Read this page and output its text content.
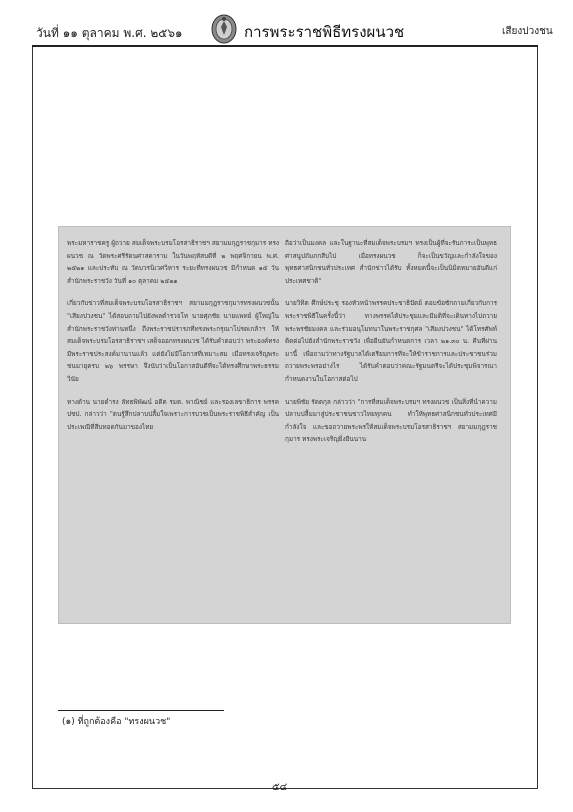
วันที่ ๑๑ ตุลาคม พ.ศ. ๒๕๖๑	การพระราชพิธีทรงผนวช	เสียงปวงชน

พระมหาราชครู ผู้ถวาย สมเด็จพระบรมโอรสาธิราชฯ สยามมกุฎราชกุมาร ทรงผนวช ณ วัดพระศรีรัตนศาสดาราม ในวันพฤหัสบดีที่ ๒ พฤศจิกายน พ.ศ. ๒๕๒๑ และประทับ ณ วัดบวรนิเวศวิหาร ระยะที่ทรงผนวช มีกำหนด ๑๕ วัน สำนักพระราชวัง วันที่ ๑๐ ตุลาคม ๒๕๒๑

เกี่ยวกับข่าวที่สมเด็จพระบรมโอรสาธิราชฯ สยามมกุฎราชกุมารทรงผนวชนั้น "เสียงปวงชน" ได้สอบถามไปยังพลตำรวจโท นายศุภชัย นายแพทย์ ผู้ใหญ่ในสำนักพระราชวังท่านหนึ่ง ถึงพระราชปรารภที่ทรงพระกรุณาโปรดเกล้าฯ ให้สมเด็จพระบรมโอรสาธิราชฯ เสด็จออกทรงผนวช ได้รับคำตอบว่า พระองค์ทรงมีพระราชประสงค์มานานแล้ว แต่ยังไม่มีโอกาสที่เหมาะสม เมื่อทรงเจริญพระชนมายุครบ ๒๖ พรรษา จึงนับว่าเป็นโอกาสอันดีที่จะได้ทรงศึกษาพระธรรมวินัย

ทางด้าน นายดำรง ลัทธพิพัฒน์ อดีต รมต. พาณิชย์ และรองเลขาธิการ พรรค ปชป. กล่าวว่า "ตนรู้สึกปลาบปลื้มใจเพราะการบวชเป็นพระราชพิธีสำคัญ เป็นประเพณีที่สืบทอดกันมาของไทย

ถือว่าเป็นมงคล และในฐานะที่สมเด็จพระบรมฯ ทรงเป็นผู้ที่จะรับภาระเป็นพุทธศาสนูปถัมภกสืบไป เมื่อทรงผนวช ก็จะเป็นขวัญและกำลังใจของพุทธศาสนิกชนทั่วประเทศ สำนักข่าวได้รับ ทั้งหมดนี้จะเป็นนิมิตหมายอันดีแก่ประเทศชาติ"

นายวิทิต ศึกษ์ประชุ รองหัวหน้าพรรคประชาธิปัตย์ ตอบข้อซักถามเกี่ยวกับการพระราชพิธีในครั้งนี้ว่า ทางพรรคได้ประชุมและมีมติที่จะเดินทางไปถวายพระพรชัยมงคล และร่วมอนุโมทนาในพระราชกุศล "เสียงปวงชน" ได้โทรศัพท์ติดต่อไปยังสำนักพระราชวัง เพื่อยืนยันกำหนดการ เวลา ๒๑.๓๐ น. คืนที่ผ่านมานี้ เพื่อถามว่าทางรัฐบาลได้เตรียมการที่จะให้ข้าราชการและประชาชนร่วมถวายพระพรอย่างไร ได้รับคำตอบว่าคณะรัฐมนตรีจะได้ประชุมพิจารณากำหนดงานในโอกาสต่อไป

นายพิชัย รัตตกุล กล่าวว่า "การที่สมเด็จพระบรมฯ ทรงผนวช เป็นสิ่งที่นำความปลาบปลื้มมาสู่ประชาชนชาวไทยทุกคน ทำให้พุทธศาสนิกชนทั่วประเทศมีกำลังใจ และขอถวายพระพรให้สมเด็จพระบรมโอรสาธิราชฯ สยามมกุฎราชกุมาร ทรงพระเจริญยิ่งยืนนาน

(๑) ที่ถูกต้องคือ "ทรงผนวช"
๕๔
